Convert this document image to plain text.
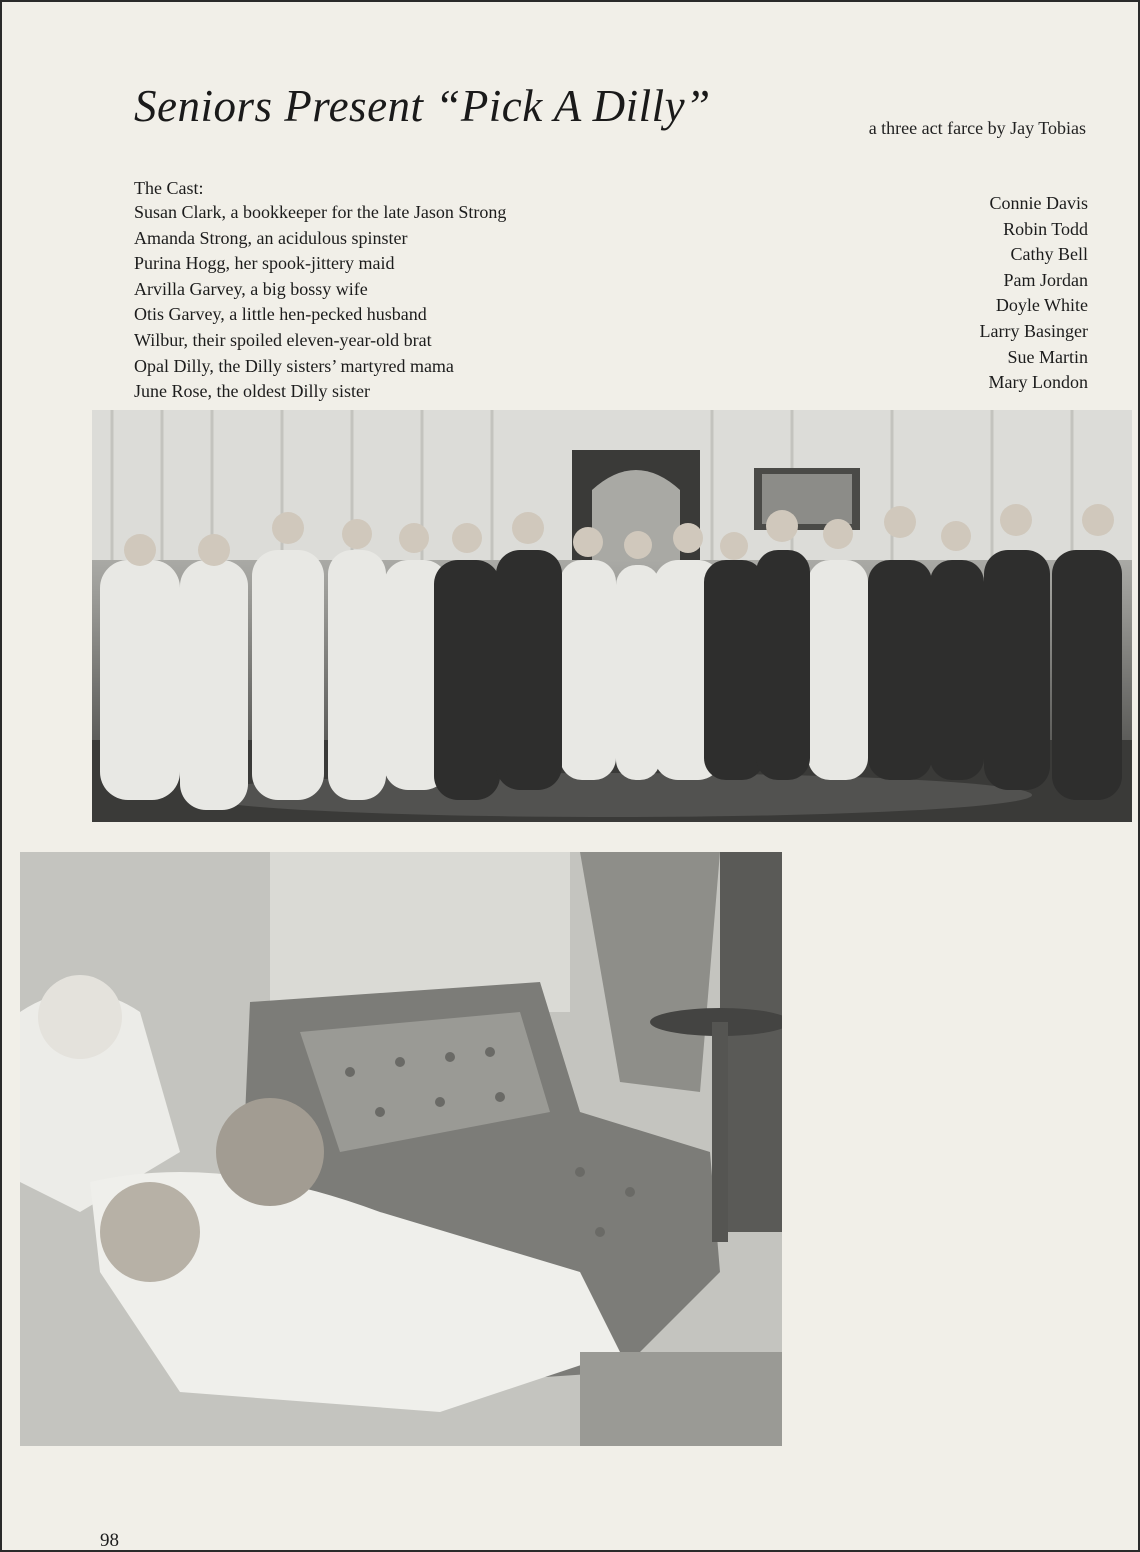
Seniors Present “Pick A Dilly”	a three act farce by Jay Tobias
The Cast:
Susan Clark, a bookkeeper for the late Jason Strong
Amanda Strong, an acidulous spinster
Purina Hogg, her spook-jittery maid
Arvilla Garvey, a big bossy wife
Otis Garvey, a little hen-pecked husband
Wilbur, their spoiled eleven-year-old brat
Opal Dilly, the Dilly sisters’ martyred mama
June Rose, the oldest Dilly sister
Connie Davis
Robin Todd
Cathy Bell
Pam Jordan
Doyle White
Larry Basinger
Sue Martin
Mary London
98
